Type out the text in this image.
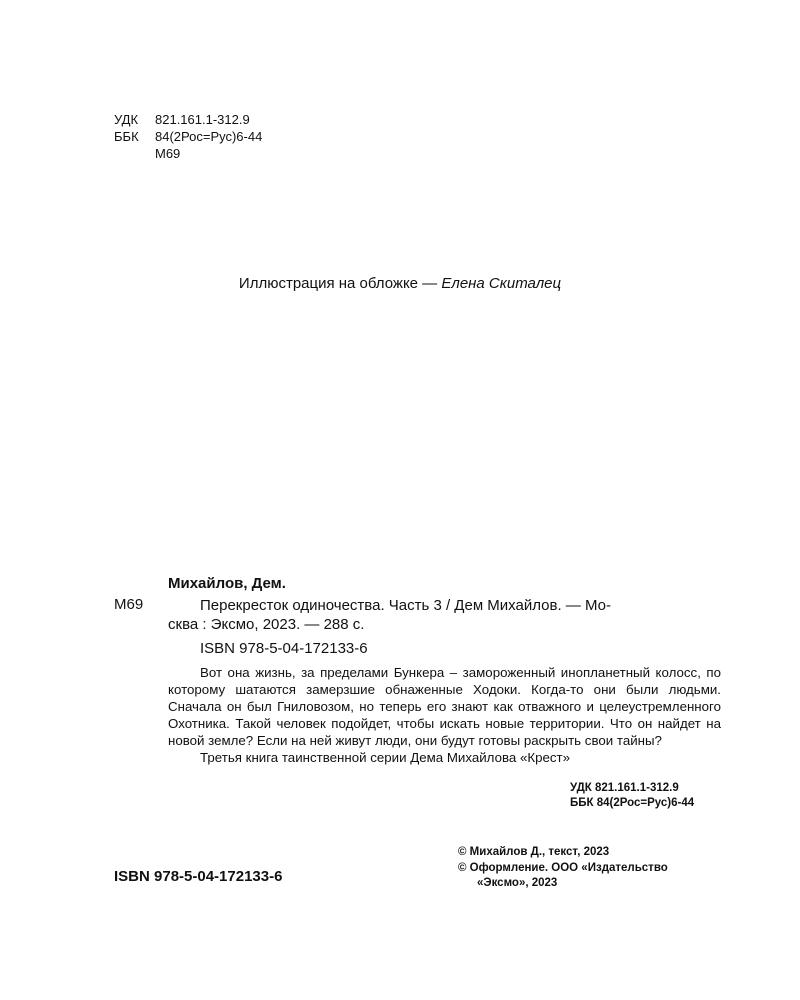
УДК 821.161.1-312.9
ББК 84(2Рос=Рус)6-44
М69
Иллюстрация на обложке — Елена Скиталец
Михайлов, Дем.
М69	Перекресток одиночества. Часть 3 / Дем Михайлов. — Мо-
сква : Эксмо, 2023. — 288 с.
ISBN 978-5-04-172133-6

Вот она жизнь, за пределами Бункера – замороженный инопланетный колосс, по которому шатаются замерзшие обнаженные Ходоки. Когда-то они были людьми. Сначала он был Гниловозом, но теперь его знают как отважного и целеустремленного Охотника. Такой человек подойдет, чтобы искать новые территории. Что он найдет на новой земле? Если на ней живут люди, они будут готовы раскрыть свои тайны?

Третья книга таинственной серии Дема Михайлова «Крест»

УДК 821.161.1-312.9
ББК 84(2Рос=Рус)6-44
© Михайлов Д., текст, 2023
© Оформление. ООО «Издательство
«Эксмо», 2023
ISBN 978-5-04-172133-6
